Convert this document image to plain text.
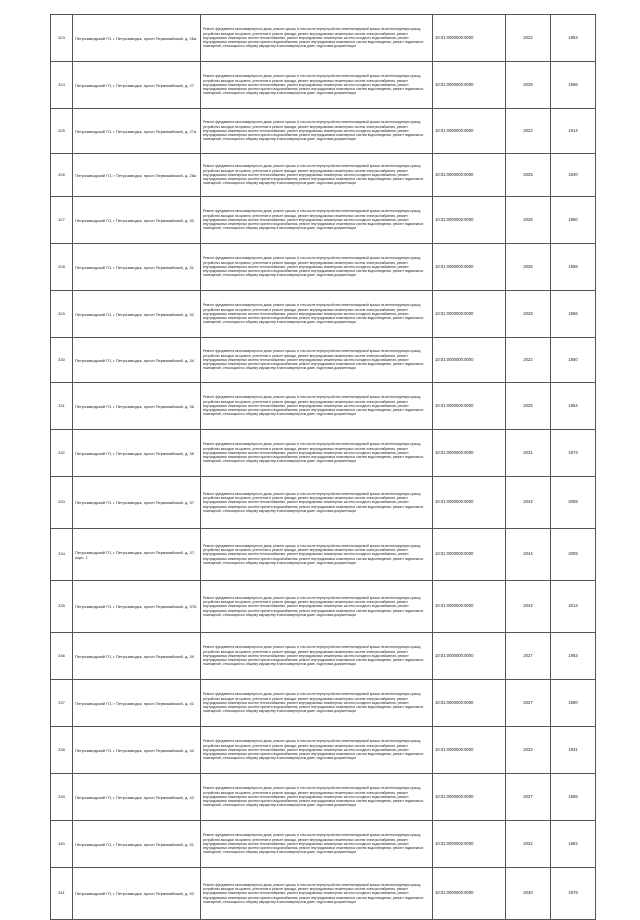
323	Петрозаводский ГО, г Петрозаводск, просп Первомайский, д. 26а	Ремонт фундамента многоквартирного дома, ремонт крыши, в том числе переустройство невентилируемой крыши на вентилируемую крышу, устройство выходов на кровлю, утепление и ремонт фасада, ремонт внутридомовых инженерных систем электроснабжения, ремонт внутридомовых инженерных систем теплоснабжения, ремонт внутридомовых инженерных систем холодного водоснабжения, ремонт внутридомовых инженерных систем горячего водоснабжения, ремонт внутридомовых инженерных систем водоотведения, ремонт подвальных помещений, относящихся к общему имуществу в многоквартирном доме, подготовка документации	10:01:0000000:0000	2022	1963
324	Петрозаводский ГО, г Петрозаводск, просп Первомайский, д. 27	Ремонт фундамента многоквартирного дома, ремонт крыши, в том числе переустройство невентилируемой крыши на вентилируемую крышу, устройство выходов на кровлю, утепление и ремонт фасада, ремонт внутридомовых инженерных систем электроснабжения, ремонт внутридомовых инженерных систем теплоснабжения, ремонт внутридомовых инженерных систем холодного водоснабжения, ремонт внутридомовых инженерных систем горячего водоснабжения, ремонт внутридомовых инженерных систем водоотведения, ремонт подвальных помещений, относящихся к общему имуществу в многоквартирном доме, подготовка документации	10:01:0000000:0000	2026	1956
325	Петрозаводский ГО, г Петрозаводск, просп Первомайский, д. 27а	Ремонт фундамента многоквартирного дома, ремонт крыши, в том числе переустройство невентилируемой крыши на вентилируемую крышу, устройство выходов на кровлю, утепление и ремонт фасада, ремонт внутридомовых инженерных систем электроснабжения, ремонт внутридомовых инженерных систем теплоснабжения, ремонт внутридомовых инженерных систем холодного водоснабжения, ремонт внутридомовых инженерных систем горячего водоснабжения, ремонт внутридомовых инженерных систем водоотведения, ремонт подвальных помещений, относящихся к общему имуществу в многоквартирном доме, подготовка документации	10:01:0000000:0000	2022	1914
326	Петрозаводский ГО, г Петрозаводск, просп Первомайский, д. 28а	Ремонт фундамента многоквартирного дома, ремонт крыши, в том числе переустройство невентилируемой крыши на вентилируемую крышу, устройство выходов на кровлю, утепление и ремонт фасада, ремонт внутридомовых инженерных систем электроснабжения, ремонт внутридомовых инженерных систем теплоснабжения, ремонт внутридомовых инженерных систем холодного водоснабжения, ремонт внутридомовых инженерных систем горячего водоснабжения, ремонт внутридомовых инженерных систем водоотведения, ремонт подвальных помещений, относящихся к общему имуществу в многоквартирном доме, подготовка документации	10:01:0000000:0000	2025	1940
327	Петрозаводский ГО, г Петрозаводск, просп Первомайский, д. 30	Ремонт фундамента многоквартирного дома, ремонт крыши, в том числе переустройство невентилируемой крыши на вентилируемую крышу, устройство выходов на кровлю, утепление и ремонт фасада, ремонт внутридомовых инженерных систем электроснабжения, ремонт внутридомовых инженерных систем теплоснабжения, ремонт внутридомовых инженерных систем холодного водоснабжения, ремонт внутридомовых инженерных систем горячего водоснабжения, ремонт внутридомовых инженерных систем водоотведения, ремонт подвальных помещений, относящихся к общему имуществу в многоквартирном доме, подготовка документации	10:01:0000000:0000	2028	1950
328	Петрозаводский ГО, г Петрозаводск, просп Первомайский, д. 31	Ремонт фундамента многоквартирного дома, ремонт крыши, в том числе переустройство невентилируемой крыши на вентилируемую крышу, устройство выходов на кровлю, утепление и ремонт фасада, ремонт внутридомовых инженерных систем электроснабжения, ремонт внутридомовых инженерных систем теплоснабжения, ремонт внутридомовых инженерных систем холодного водоснабжения, ремонт внутридомовых инженерных систем горячего водоснабжения, ремонт внутридомовых инженерных систем водоотведения, ремонт подвальных помещений, относящихся к общему имуществу в многоквартирном доме, подготовка документации	10:01:0000000:0000	2026	1956
329	Петрозаводский ГО, г Петрозаводск, просп Первомайский, д. 32	Ремонт фундамента многоквартирного дома, ремонт крыши, в том числе переустройство невентилируемой крыши на вентилируемую крышу, устройство выходов на кровлю, утепление и ремонт фасада, ремонт внутридомовых инженерных систем электроснабжения, ремонт внутридомовых инженерных систем теплоснабжения, ремонт внутридомовых инженерных систем холодного водоснабжения, ремонт внутридомовых инженерных систем горячего водоснабжения, ремонт внутридомовых инженерных систем водоотведения, ремонт подвальных помещений, относящихся к общему имуществу в многоквартирном доме, подготовка документации	10:01:0000000:0000	2028	1956
330	Петрозаводский ГО, г Петрозаводск, просп Первомайский, д. 34	Ремонт фундамента многоквартирного дома, ремонт крыши, в том числе переустройство невентилируемой крыши на вентилируемую крышу, устройство выходов на кровлю, утепление и ремонт фасада, ремонт внутридомовых инженерных систем электроснабжения, ремонт внутридомовых инженерных систем теплоснабжения, ремонт внутридомовых инженерных систем холодного водоснабжения, ремонт внутридомовых инженерных систем горячего водоснабжения, ремонт внутридомовых инженерных систем водоотведения, ремонт подвальных помещений, относящихся к общему имуществу в многоквартирном доме, подготовка документации	10:01:0000000:0000	2022	1950
331	Петрозаводский ГО, г Петрозаводск, просп Первомайский, д. 36	Ремонт фундамента многоквартирного дома, ремонт крыши, в том числе переустройство невентилируемой крыши на вентилируемую крышу, устройство выходов на кровлю, утепление и ремонт фасада, ремонт внутридомовых инженерных систем электроснабжения, ремонт внутридомовых инженерных систем теплоснабжения, ремонт внутридомовых инженерных систем холодного водоснабжения, ремонт внутридомовых инженерных систем горячего водоснабжения, ремонт внутридомовых инженерных систем водоотведения, ремонт подвальных помещений, относящихся к общему имуществу в многоквартирном доме, подготовка документации	10:01:0000000:0000	2025	1964
332	Петрозаводский ГО, г Петрозаводск, просп Первомайский, д. 35	Ремонт фундамента многоквартирного дома, ремонт крыши, в том числе переустройство невентилируемой крыши на вентилируемую крышу, устройство выходов на кровлю, утепление и ремонт фасада, ремонт внутридомовых инженерных систем электроснабжения, ремонт внутридомовых инженерных систем теплоснабжения, ремонт внутридомовых инженерных систем холодного водоснабжения, ремонт внутридомовых инженерных систем горячего водоснабжения, ремонт внутридомовых инженерных систем водоотведения, ремонт подвальных помещений, относящихся к общему имуществу в многоквартирном доме, подготовка документации	10:01:0000000:0000	2031	1973
333	Петрозаводский ГО, г Петрозаводск, просп Первомайский, д. 37	Ремонт фундамента многоквартирного дома, ремонт крыши, в том числе переустройство невентилируемой крыши на вентилируемую крышу, устройство выходов на кровлю, утепление и ремонт фасада, ремонт внутридомовых инженерных систем электроснабжения, ремонт внутридомовых инженерных систем теплоснабжения, ремонт внутридомовых инженерных систем холодного водоснабжения, ремонт внутридомовых инженерных систем горячего водоснабжения, ремонт внутридомовых инженерных систем водоотведения, ремонт подвальных помещений, относящихся к общему имуществу в многоквартирном доме, подготовка документации	10:01:0000000:0000	2044	2008
334	Петрозаводский ГО, г Петрозаводск, просп Первомайский, д. 37, корп. 1	Ремонт фундамента многоквартирного дома, ремонт крыши, в том числе переустройство невентилируемой крыши на вентилируемую крышу, устройство выходов на кровлю, утепление и ремонт фасада, ремонт внутридомовых инженерных систем электроснабжения, ремонт внутридомовых инженерных систем теплоснабжения, ремонт внутридомовых инженерных систем холодного водоснабжения, ремонт внутридомовых инженерных систем горячего водоснабжения, ремонт внутридомовых инженерных систем водоотведения, ремонт подвальных помещений, относящихся к общему имуществу в многоквартирном доме, подготовка документации	10:01:0000000:0000	2044	2009
335	Петрозаводский ГО, г Петрозаводск, просп Первомайский, д. 37Б	Ремонт фундамента многоквартирного дома, ремонт крыши, в том числе переустройство невентилируемой крыши на вентилируемую крышу, устройство выходов на кровлю, утепление и ремонт фасада, ремонт внутридомовых инженерных систем электроснабжения, ремонт внутридомовых инженерных систем теплоснабжения, ремонт внутридомовых инженерных систем холодного водоснабжения, ремонт внутридомовых инженерных систем горячего водоснабжения, ремонт внутридомовых инженерных систем водоотведения, ремонт подвальных помещений, относящихся к общему имуществу в многоквартирном доме, подготовка документации	10:01:0000000:0000	2044	2013
336	Петрозаводский ГО, г Петрозаводск, просп Первомайский, д. 39	Ремонт фундамента многоквартирного дома, ремонт крыши, в том числе переустройство невентилируемой крыши на вентилируемую крышу, устройство выходов на кровлю, утепление и ремонт фасада, ремонт внутридомовых инженерных систем электроснабжения, ремонт внутридомовых инженерных систем теплоснабжения, ремонт внутридомовых инженерных систем холодного водоснабжения, ремонт внутридомовых инженерных систем горячего водоснабжения, ремонт внутридомовых инженерных систем водоотведения, ремонт подвальных помещений, относящихся к общему имуществу в многоквартирном доме, подготовка документации	10:01:0000000:0000	2027	1963
337	Петрозаводский ГО, г Петрозаводск, просп Первомайский, д. 41	Ремонт фундамента многоквартирного дома, ремонт крыши, в том числе переустройство невентилируемой крыши на вентилируемую крышу, устройство выходов на кровлю, утепление и ремонт фасада, ремонт внутридомовых инженерных систем электроснабжения, ремонт внутридомовых инженерных систем теплоснабжения, ремонт внутридомовых инженерных систем холодного водоснабжения, ремонт внутридомовых инженерных систем горячего водоснабжения, ремонт внутридомовых инженерных систем водоотведения, ремонт подвальных помещений, относящихся к общему имуществу в многоквартирном доме, подготовка документации	10:01:0000000:0000	2027	1960
338	Петрозаводский ГО, г Петрозаводск, просп Первомайский, д. 40	Ремонт фундамента многоквартирного дома, ремонт крыши, в том числе переустройство невентилируемой крыши на вентилируемую крышу, устройство выходов на кровлю, утепление и ремонт фасада, ремонт внутридомовых инженерных систем электроснабжения, ремонт внутридомовых инженерных систем теплоснабжения, ремонт внутридомовых инженерных систем холодного водоснабжения, ремонт внутридомовых инженерных систем горячего водоснабжения, ремонт внутридомовых инженерных систем водоотведения, ремонт подвальных помещений, относящихся к общему имуществу в многоквартирном доме, подготовка документации	10:01:0000000:0000	2032	1931
339	Петрозаводский ГО, г Петрозаводск, просп Первомайский, д. 42	Ремонт фундамента многоквартирного дома, ремонт крыши, в том числе переустройство невентилируемой крыши на вентилируемую крышу, устройство выходов на кровлю, утепление и ремонт фасада, ремонт внутридомовых инженерных систем электроснабжения, ремонт внутридомовых инженерных систем теплоснабжения, ремонт внутридомовых инженерных систем холодного водоснабжения, ремонт внутридомовых инженерных систем горячего водоснабжения, ремонт внутридомовых инженерных систем водоотведения, ремонт подвальных помещений, относящихся к общему имуществу в многоквартирном доме, подготовка документации	10:01:0000000:0000	2027	1955
340	Петрозаводский ГО, г Петрозаводск, просп Первомайский, д. 51	Ремонт фундамента многоквартирного дома, ремонт крыши, в том числе переустройство невентилируемой крыши на вентилируемую крышу, устройство выходов на кровлю, утепление и ремонт фасада, ремонт внутридомовых инженерных систем электроснабжения, ремонт внутридомовых инженерных систем теплоснабжения, ремонт внутридомовых инженерных систем холодного водоснабжения, ремонт внутридомовых инженерных систем горячего водоснабжения, ремонт внутридомовых инженерных систем водоотведения, ремонт подвальных помещений, относящихся к общему имуществу в многоквартирном доме, подготовка документации	10:01:0000000:0000	2032	1982
341	Петрозаводский ГО, г Петрозаводск, просп Первомайский, д. 52	Ремонт фундамента многоквартирного дома, ремонт крыши, в том числе переустройство невентилируемой крыши на вентилируемую крышу, устройство выходов на кровлю, утепление и ремонт фасада, ремонт внутридомовых инженерных систем электроснабжения, ремонт внутридомовых инженерных систем теплоснабжения, ремонт внутридомовых инженерных систем холодного водоснабжения, ремонт внутридомовых инженерных систем горячего водоснабжения, ремонт внутридомовых инженерных систем водоотведения, ремонт подвальных помещений, относящихся к общему имуществу в многоквартирном доме, подготовка документации	10:01:0000000:0000	2040	1979
